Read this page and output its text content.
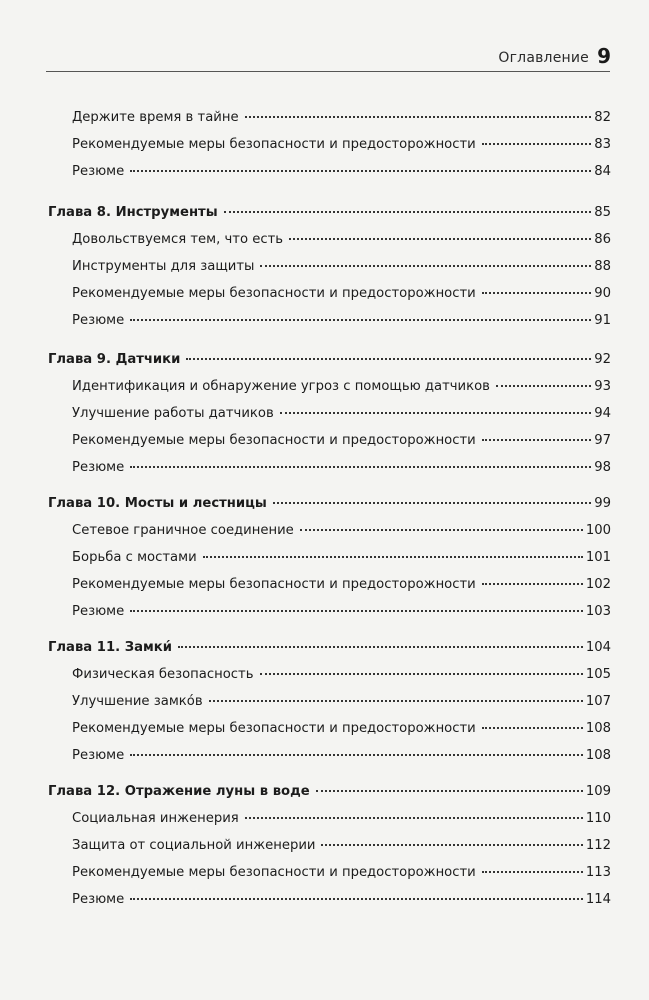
Оглавление 9
Держите время в тайне	82
Рекомендуемые меры безопасности и предосторожности	83
Резюме	84
Глава 8. Инструменты	85
Довольствуемся тем, что есть	86
Инструменты для защиты	88
Рекомендуемые меры безопасности и предосторожности	90
Резюме	91
Глава 9. Датчики	92
Идентификация и обнаружение угроз с помощью датчиков	93
Улучшение работы датчиков	94
Рекомендуемые меры безопасности и предосторожности	97
Резюме	98
Глава 10. Мосты и лестницы	99
Сетевое граничное соединение	100
Борьба с мостами	101
Рекомендуемые меры безопасности и предосторожности	102
Резюме	103
Глава 11. Замки́	104
Физическая безопасность	105
Улучшение замко́в	107
Рекомендуемые меры безопасности и предосторожности	108
Резюме	108
Глава 12. Отражение луны в воде	109
Социальная инженерия	110
Защита от социальной инженерии	112
Рекомендуемые меры безопасности и предосторожности	113
Резюме	114
